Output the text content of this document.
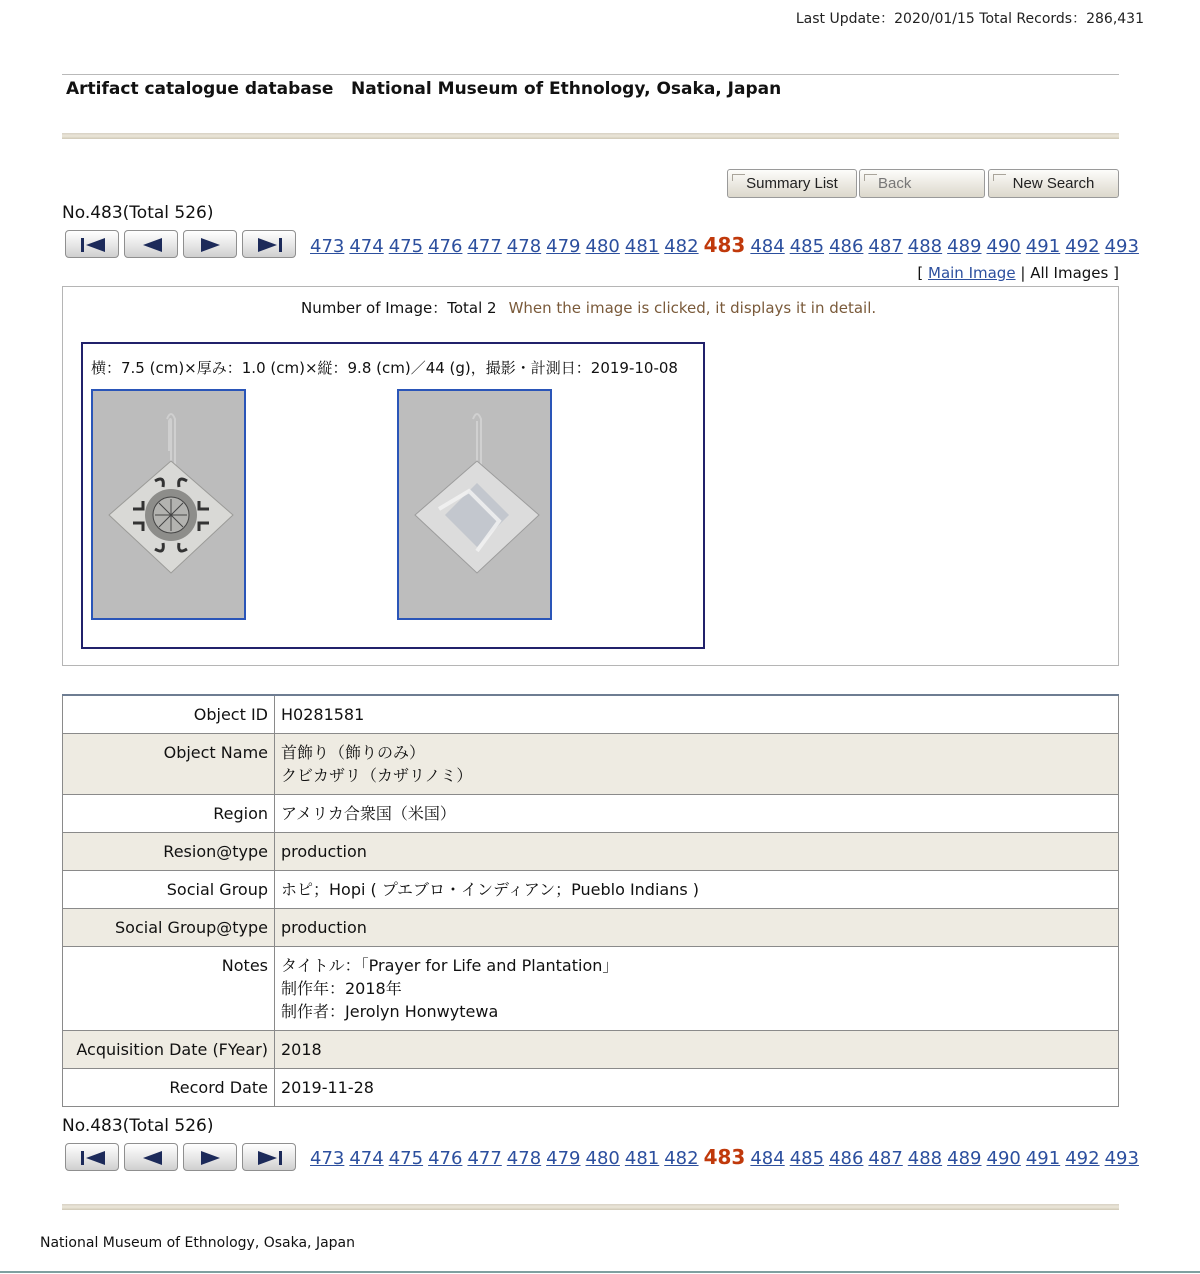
Last Update：2020/01/15 Total Records：286,431
Artifact catalogue database National Museum of Ethnology, Osaka, Japan
Summary List	Back	New Search
No.483(Total 526)
473 474 475 476 477 478 479 480 481 482 483 484 485 486 487 488 489 490 491 492 493
[ Main Image | All Images ]
Number of Image：Total 2 When the image is clicked, it displays it in detail.
横：7.5 (cm)×厚み：1.0 (cm)×縦：9.8 (cm)／44 (g)，撮影・計測日：2019-10-08
Object ID	H0281581
Object Name	首飾り（飾りのみ）
クビカザリ（カザリノミ）

Region	アメリカ合衆国（米国）
Resion@type	production
Social Group	ホピ；Hopi ( プエブロ・インディアン；Pueblo Indians )
Social Group@type	production
Notes	タイトル：「Prayer for Life and Plantation」
制作年：2018年
制作者：Jerolyn Honwytewa

Acquisition Date (FYear)	2018
Record Date	2019-11-28
No.483(Total 526)
473 474 475 476 477 478 479 480 481 482 483 484 485 486 487 488 489 490 491 492 493
National Museum of Ethnology, Osaka, Japan
